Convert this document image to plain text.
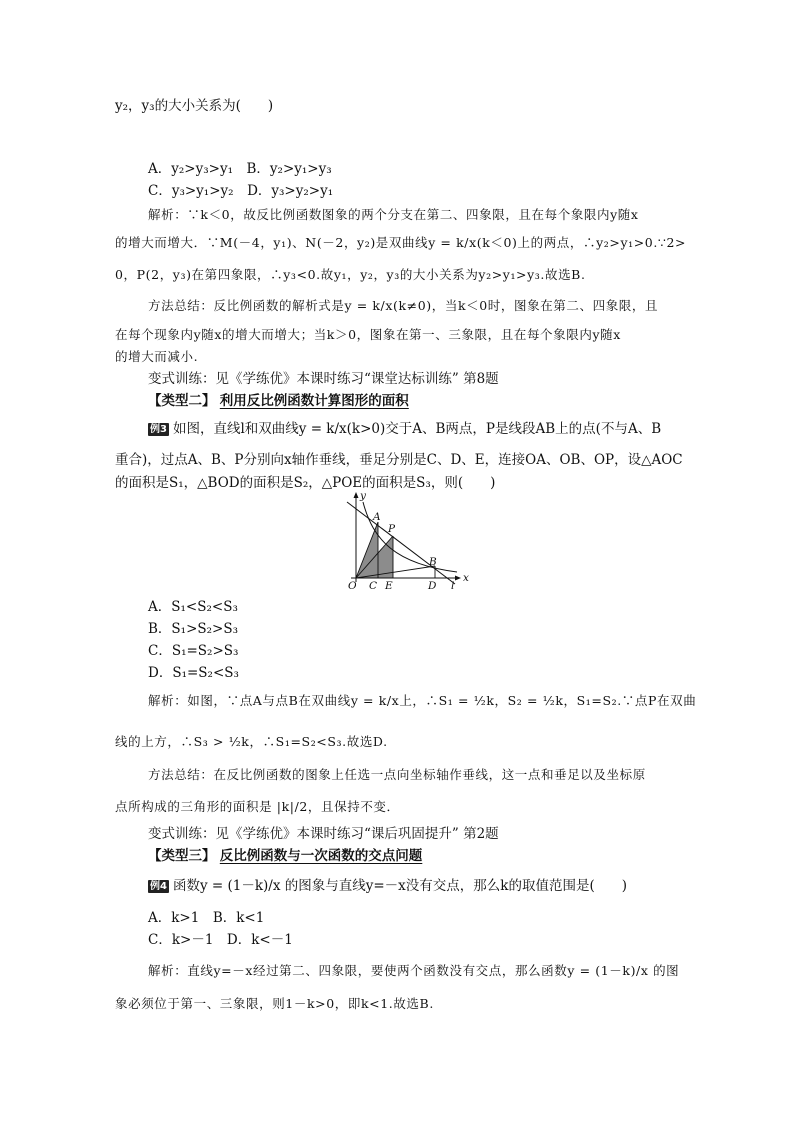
y₂，y₃的大小关系为(　　)
A．y₂>y₃>y₁　B．y₂>y₁>y₃
C．y₃>y₁>y₂　D．y₃>y₂>y₁
解析：∵k＜0，故反比例函数图象的两个分支在第二、四象限，且在每个象限内y随x
的增大而增大．∵M(－4，y₁)、N(－2，y₂)是双曲线y = k/x(k＜0)上的两点，∴y₂>y₁>0.∵2>
0，P(2，y₃)在第四象限，∴y₃<0.故y₁，y₂，y₃的大小关系为y₂>y₁>y₃.故选B.
方法总结：反比例函数的解析式是y = k/x(k≠0)，当k＜0时，图象在第二、四象限，且
在每个现象内y随x的增大而增大；当k＞0，图象在第一、三象限，且在每个象限内y随x
的增大而减小.
变式训练：见《学练优》本课时练习“课堂达标训练” 第8题
【类型二】 利用反比例函数计算图形的面积
例3 如图，直线l和双曲线y = k/x(k>0)交于A、B两点，P是线段AB上的点(不与A、B
重合)，过点A、B、P分别向x轴作垂线，垂足分别是C、D、E，连接OA、OB、OP，设△AOC
的面积是S₁，△BOD的面积是S₂，△POE的面积是S₃，则(　　)
y
x
A
P
B
O C E	D l
A．S₁<S₂<S₃
B．S₁>S₂>S₃
C．S₁=S₂>S₃
D．S₁=S₂<S₃
解析：如图，∵点A与点B在双曲线y = k/x上，∴S₁ = ½k，S₂ = ½k，S₁=S₂.∵点P在双曲
线的上方，∴S₃ > ½k，∴S₁=S₂<S₃.故选D.
方法总结：在反比例函数的图象上任选一点向坐标轴作垂线，这一点和垂足以及坐标原
点所构成的三角形的面积是 |k|/2，且保持不变．
变式训练：见《学练优》本课时练习“课后巩固提升” 第2题
【类型三】 反比例函数与一次函数的交点问题
例4 函数y = (1－k)/x 的图象与直线y=－x没有交点，那么k的取值范围是(　　)
A．k>1　B．k<1
C．k>－1　D．k<－1
解析：直线y=－x经过第二、四象限，要使两个函数没有交点，那么函数y = (1－k)/x 的图
象必须位于第一、三象限，则1－k>0，即k<1.故选B.
